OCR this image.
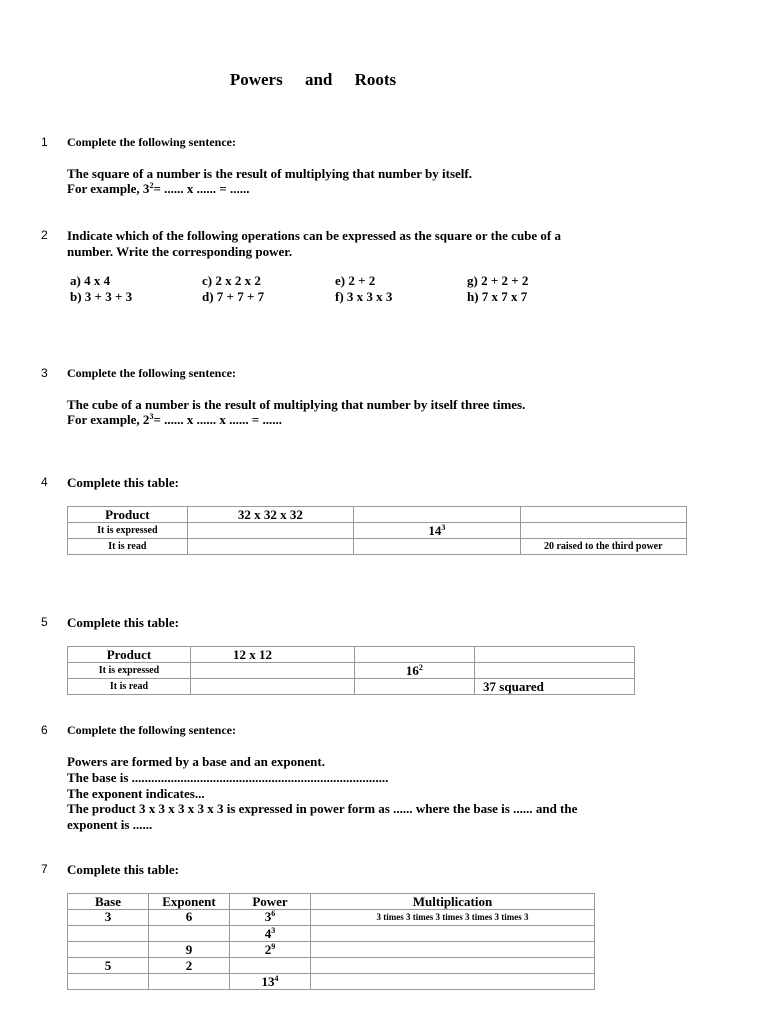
Powers and Roots
1 Complete the following sentence:
The square of a number is the result of multiplying that number by itself.
For example, $3^2=$ ...... x ...... = ......
2 Indicate which of the following operations can be expressed as the square or the cube of a number. Write the corresponding power.
a) 4 x 4
b) 3 + 3 + 3
c) 2 x 2 x 2
d) 7 + 7 + 7
e) 2 + 2
f) 3 x 3 x 3
g) 2 + 2 + 2
h) 7 x 7 x 7
3 Complete the following sentence:
The cube of a number is the result of multiplying that number by itself three times.
For example, $2^3=$ ...... x ...... x ...... = ......
4 Complete this table:
Product	32 x 32 x 32		
It is expressed		$14^3$	
It is read			20 raised to the third power
5 Complete this table:
Product	12 x 12		
It is expressed		$16^2$	
It is read			37 squared
6 Complete the following sentence:
Powers are formed by a base and an exponent.
The base is ...............................................................................
The exponent indicates...
The product 3 x 3 x 3 x 3 x 3 is expressed in power form as ...... where the base is ...... and the exponent is ......
7 Complete this table:
Base	Exponent	Power	Multiplication
3	6	$3^6$	3 times 3 times 3 times 3 times 3 times 3
		$4^3$	
	9	$2^9$	
5	2		
		$13^4$	
